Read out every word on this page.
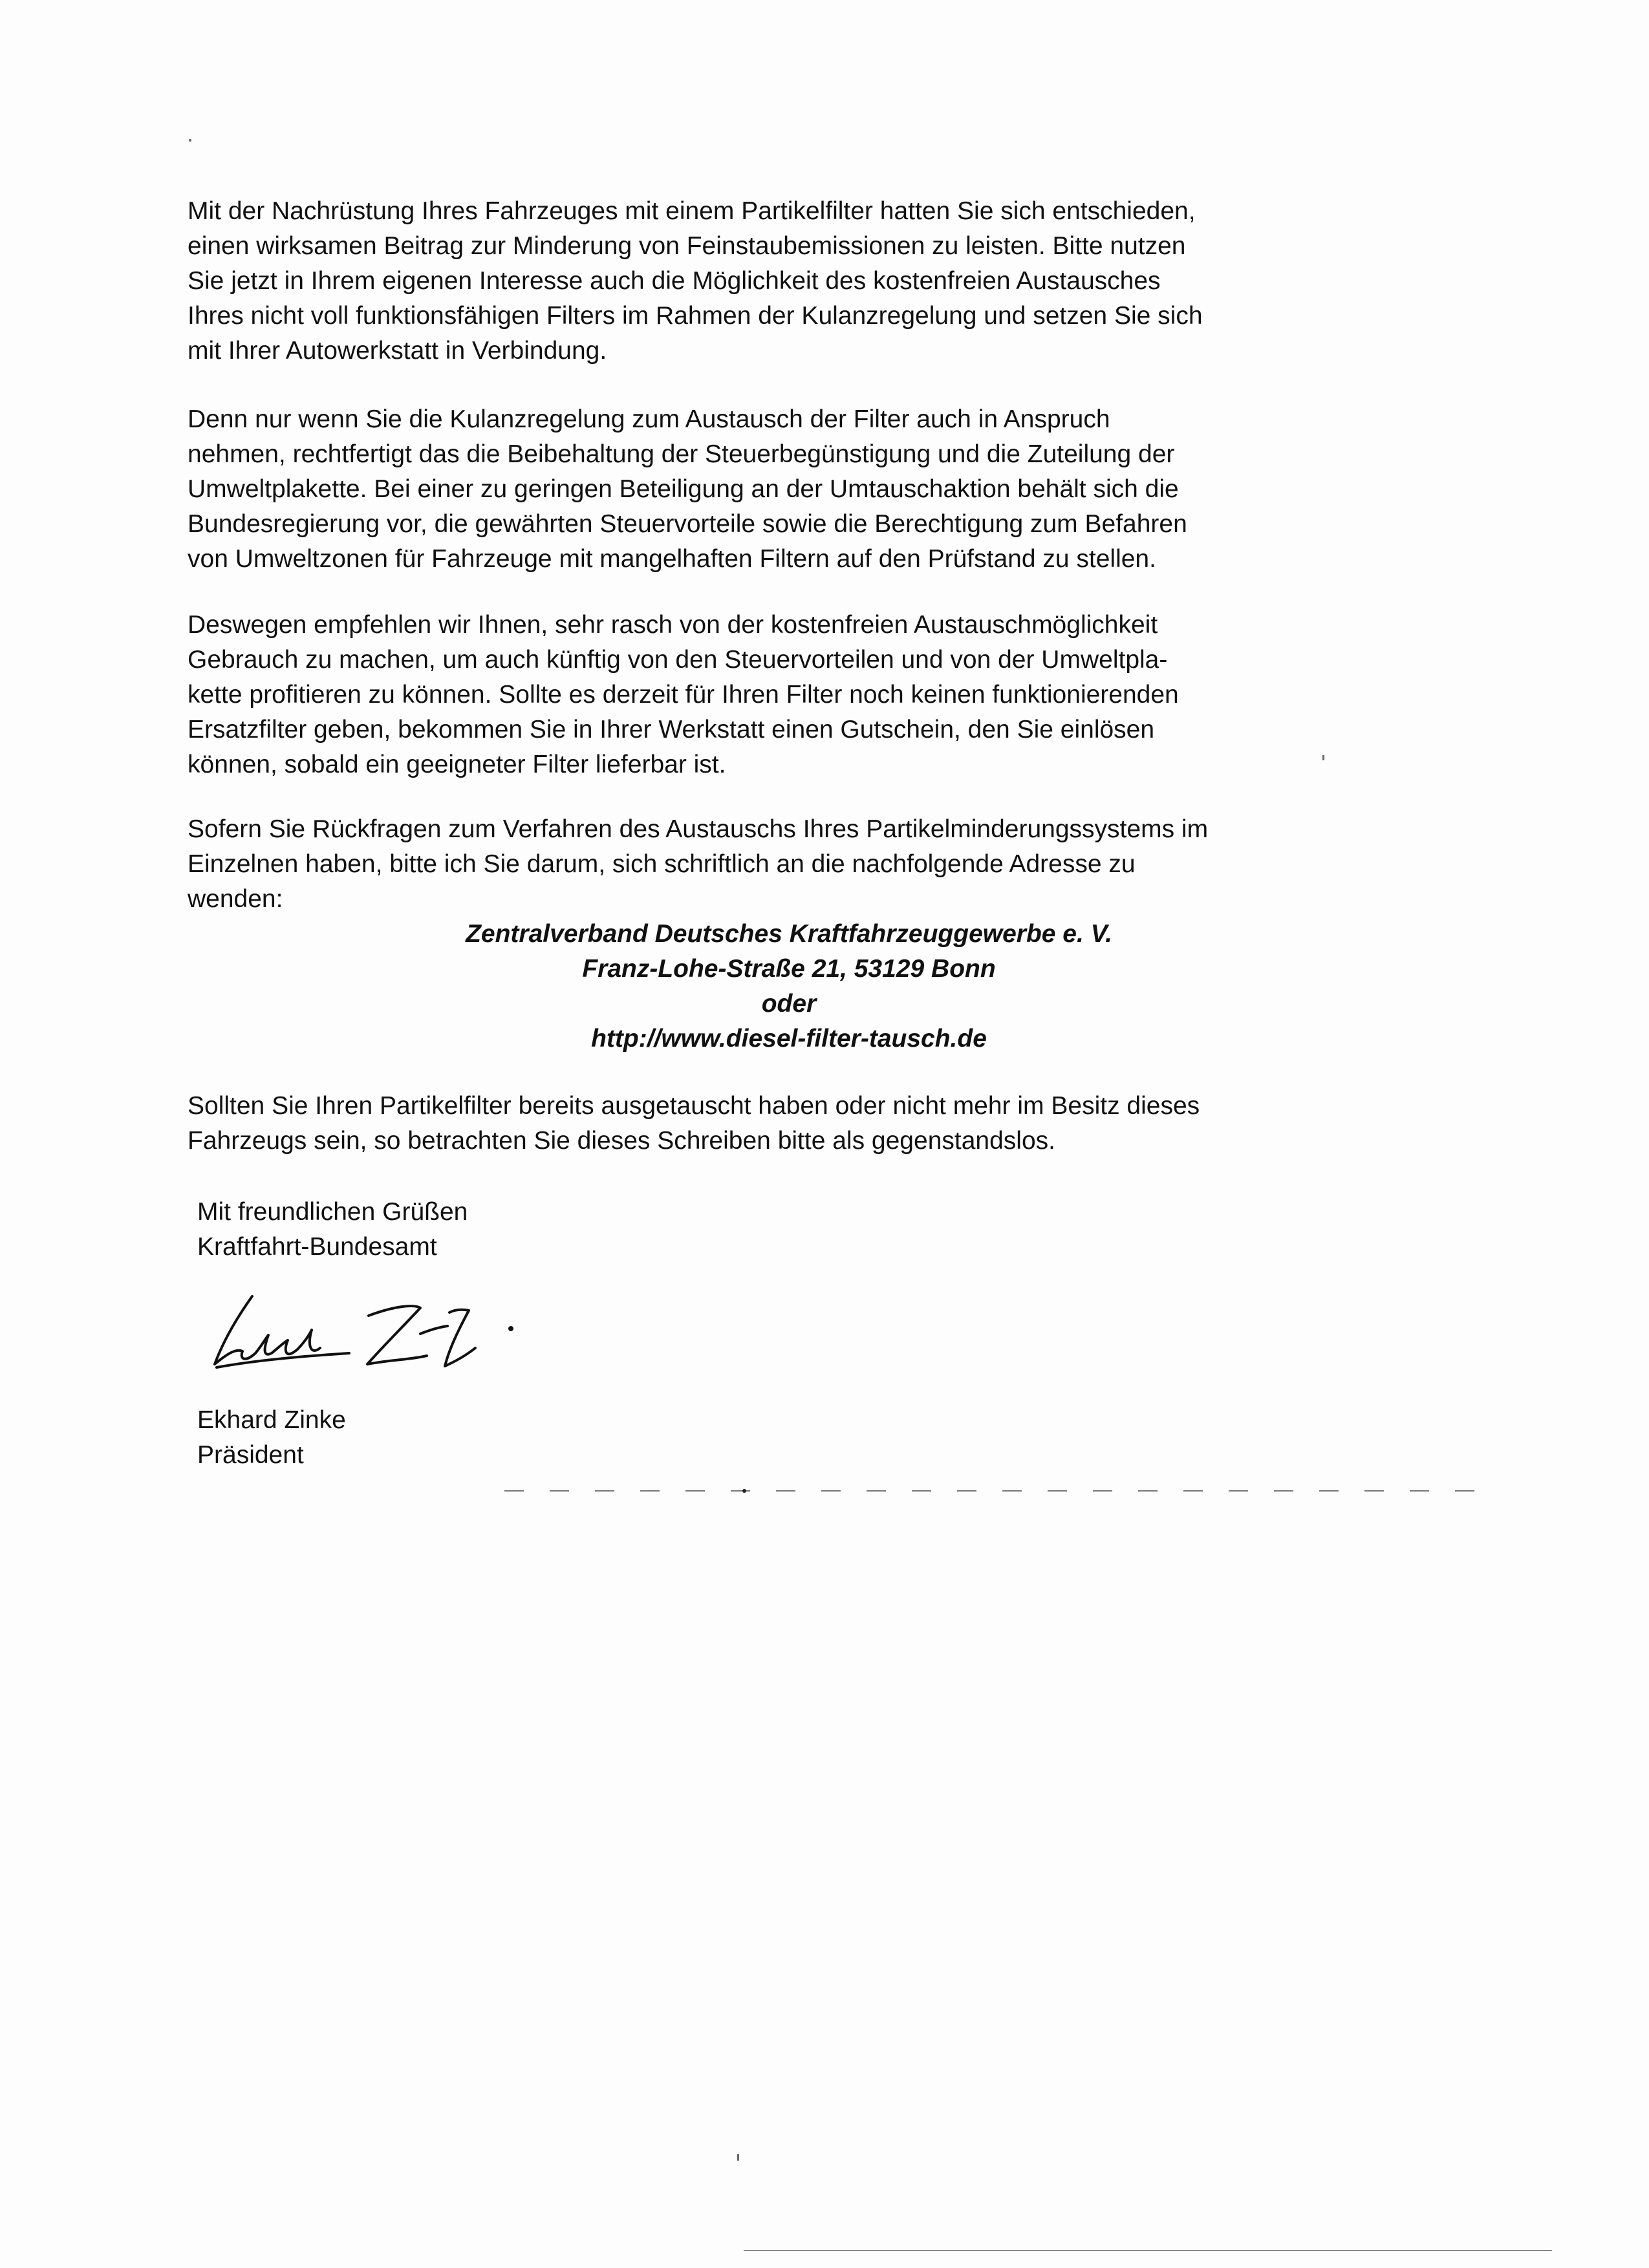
Mit der Nachrüstung Ihres Fahrzeuges mit einem Partikelfilter hatten Sie sich entschieden,
einen wirksamen Beitrag zur Minderung von Feinstaubemissionen zu leisten. Bitte nutzen
Sie jetzt in Ihrem eigenen Interesse auch die Möglichkeit des kostenfreien Austausches
Ihres nicht voll funktionsfähigen Filters im Rahmen der Kulanzregelung und setzen Sie sich
mit Ihrer Autowerkstatt in Verbindung.

Denn nur wenn Sie die Kulanzregelung zum Austausch der Filter auch in Anspruch
nehmen, rechtfertigt das die Beibehaltung der Steuerbegünstigung und die Zuteilung der
Umweltplakette. Bei einer zu geringen Beteiligung an der Umtauschaktion behält sich die
Bundesregierung vor, die gewährten Steuervorteile sowie die Berechtigung zum Befahren
von Umweltzonen für Fahrzeuge mit mangelhaften Filtern auf den Prüfstand zu stellen.

Deswegen empfehlen wir Ihnen, sehr rasch von der kostenfreien Austauschmöglichkeit
Gebrauch zu machen, um auch künftig von den Steuervorteilen und von der Umweltpla-
kette profitieren zu können. Sollte es derzeit für Ihren Filter noch keinen funktionierenden
Ersatzfilter geben, bekommen Sie in Ihrer Werkstatt einen Gutschein, den Sie einlösen
können, sobald ein geeigneter Filter lieferbar ist.

Sofern Sie Rückfragen zum Verfahren des Austauschs Ihres Partikelminderungssystems im
Einzelnen haben, bitte ich Sie darum, sich schriftlich an die nachfolgende Adresse zu
wenden:

Zentralverband Deutsches Kraftfahrzeuggewerbe e. V.
Franz-Lohe-Straße 21, 53129 Bonn
oder
http://www.diesel-filter-tausch.de

Sollten Sie Ihren Partikelfilter bereits ausgetauscht haben oder nicht mehr im Besitz dieses
Fahrzeugs sein, so betrachten Sie dieses Schreiben bitte als gegenstandslos.

Mit freundlichen Grüßen
Kraftfahrt-Bundesamt
Ekhard Zinke
Präsident
